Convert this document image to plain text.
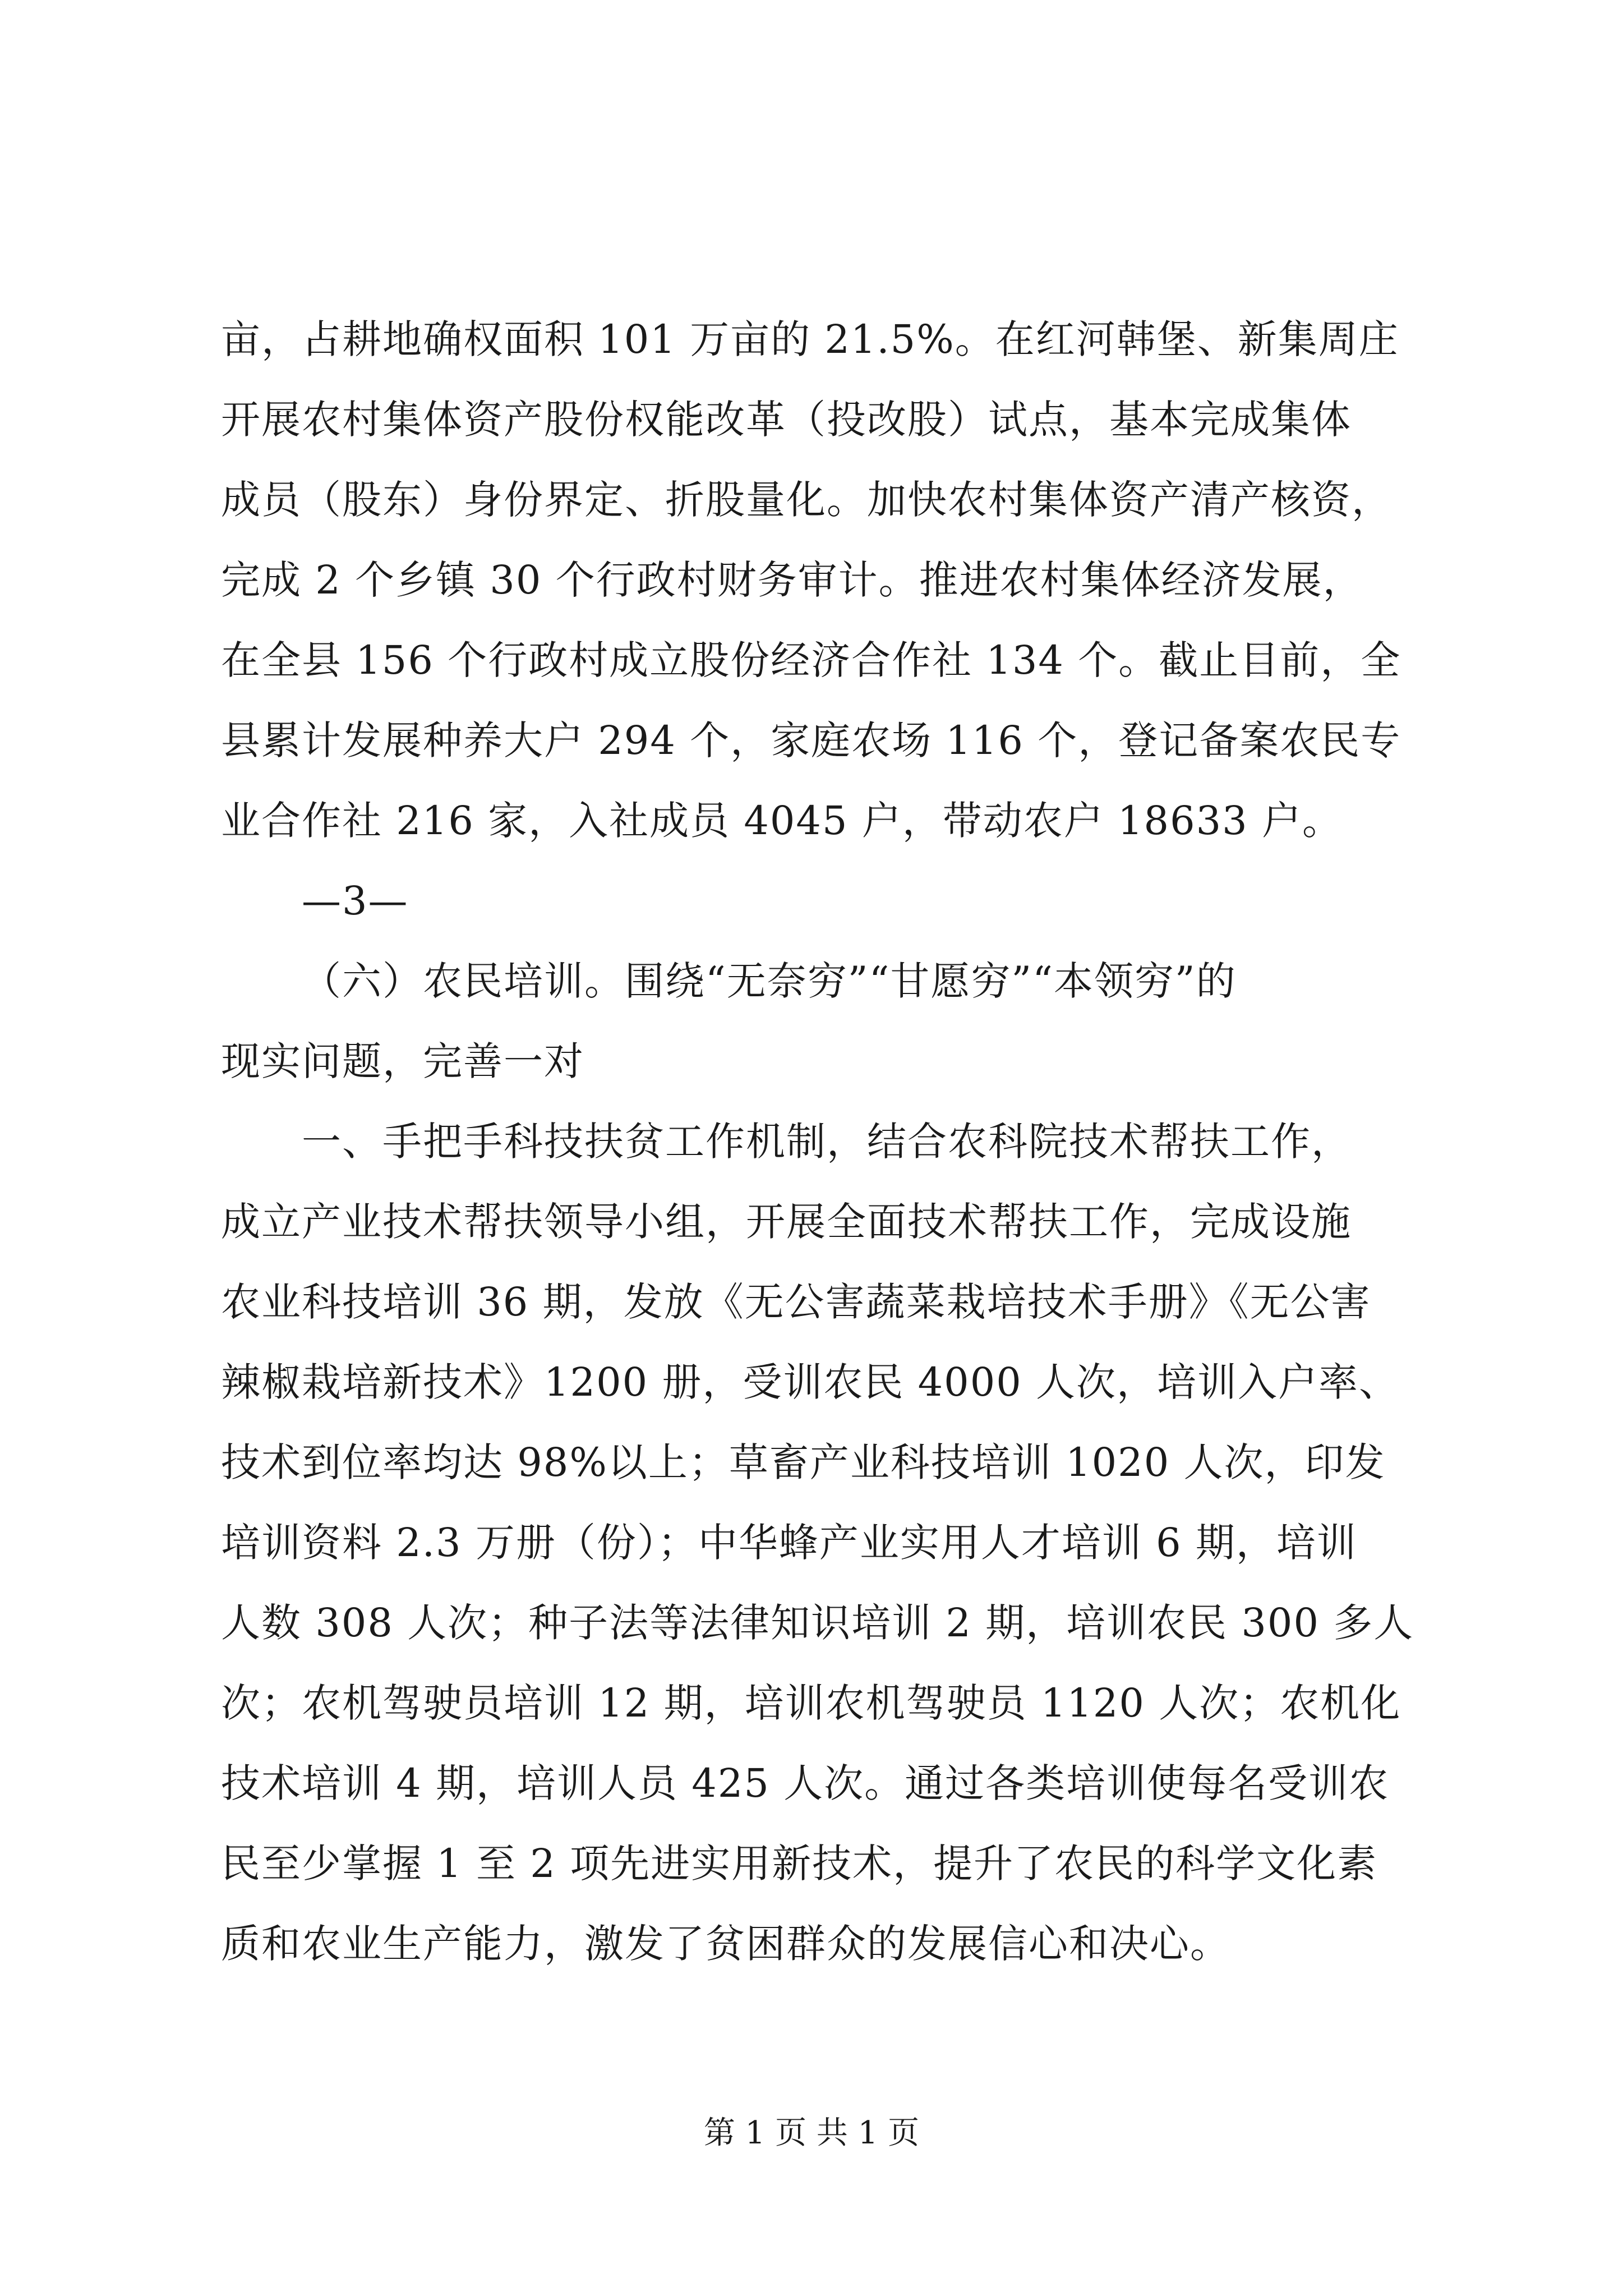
亩，占耕地确权面积 101 万亩的 21.5%。在红河韩堡、新集周庄
开展农村集体资产股份权能改革（投改股）试点，基本完成集体
成员（股东）身份界定、折股量化。加快农村集体资产清产核资，
完成 2 个乡镇 30 个行政村财务审计。推进农村集体经济发展，
在全县 156 个行政村成立股份经济合作社 134 个。截止目前，全
县累计发展种养大户 294 个，家庭农场 116 个，登记备案农民专
业合作社 216 家，入社成员 4045 户，带动农户 18633 户。
—3—
（六）农民培训。围绕“无奈穷”“甘愿穷”“本领穷”的
现实问题，完善一对
一、手把手科技扶贫工作机制，结合农科院技术帮扶工作，
成立产业技术帮扶领导小组，开展全面技术帮扶工作，完成设施
农业科技培训 36 期，发放《无公害蔬菜栽培技术手册》《无公害
辣椒栽培新技术》1200 册，受训农民 4000 人次，培训入户率、
技术到位率均达 98%以上；草畜产业科技培训 1020 人次，印发
培训资料 2.3 万册（份）；中华蜂产业实用人才培训 6 期，培训
人数 308 人次；种子法等法律知识培训 2 期，培训农民 300 多人
次；农机驾驶员培训 12 期，培训农机驾驶员 1120 人次；农机化
技术培训 4 期，培训人员 425 人次。通过各类培训使每名受训农
民至少掌握 1 至 2 项先进实用新技术，提升了农民的科学文化素
质和农业生产能力，激发了贫困群众的发展信心和决心。
第 1 页 共 1 页
